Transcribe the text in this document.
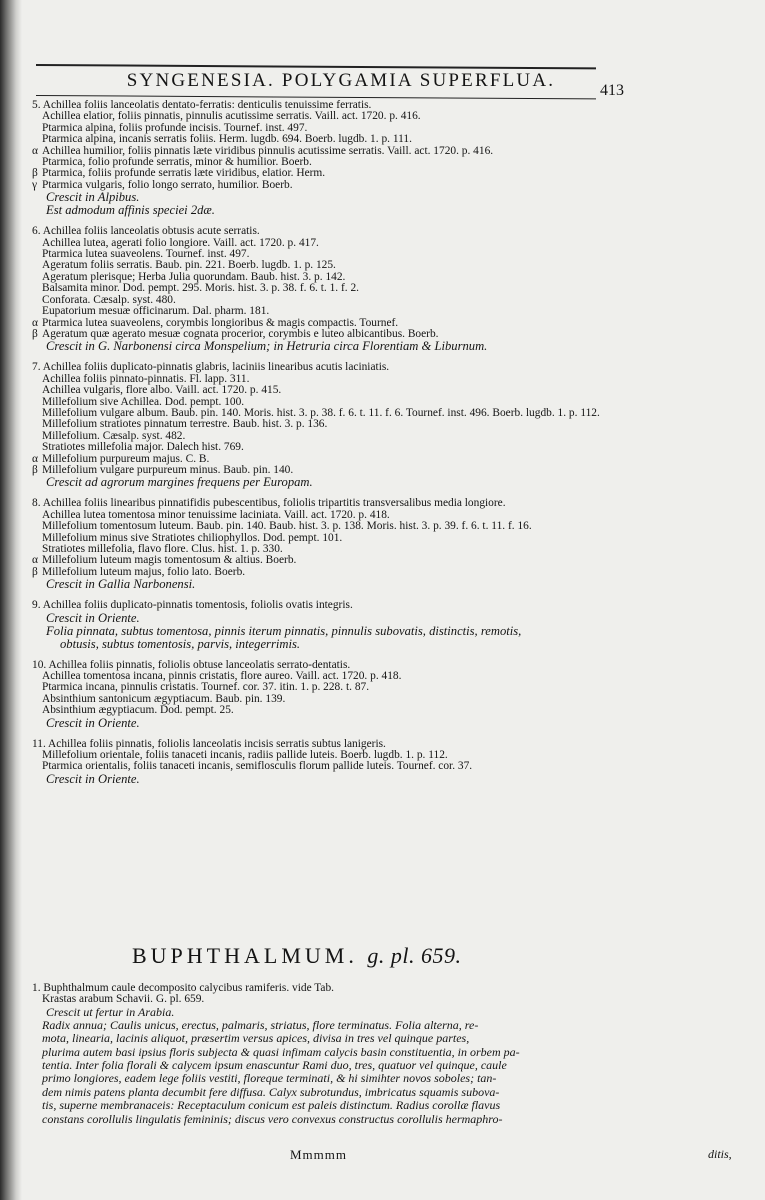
SYNGENESIA. POLYGAMIA SUPERFLUA.	413
5. Achillea foliis lanceolatis dentato-ferratis: denticulis tenuissime ferratis.
Achillea elatior, foliis pinnatis, pinnulis acutissime serratis. Vaill. act. 1720. p. 416.
Ptarmica alpina, foliis profunde incisis. Tournef. inst. 497.
Ptarmica alpina, incanis serratis foliis. Herm. lugdb. 694. Boerb. lugdb. 1. p. 111.
α Achillea humilior, foliis pinnatis læte viridibus pinnulis acutissime serratis. Vaill. act. 1720. p. 416.
Ptarmica, folio profunde serratis, minor & humilior. Boerb.
β Ptarmica, foliis profunde serratis læte viridibus, elatior. Herm.
γ Ptarmica vulgaris, folio longo serrato, humilior. Boerb.
Crescit in Alpibus.
Est admodum affinis speciei 2dæ.
6. Achillea foliis lanceolatis obtusis acute serratis.
Achillea lutea, agerati folio longiore. Vaill. act. 1720. p. 417.
Ptarmica lutea suaveolens. Tournef. inst. 497.
Ageratum foliis serratis. Baub. pin. 221. Boerb. lugdb. 1. p. 125.
Ageratum plerisque; Herba Julia quorundam. Baub. hist. 3. p. 142.
Balsamita minor. Dod. pempt. 295. Moris. hist. 3. p. 38. f. 6. t. 1. f. 2.
Conforata. Cæsalp. syst. 480.
Eupatorium mesuæ officinarum. Dal. pharm. 181.
α Ptarmica lutea suaveolens, corymbis longioribus & magis compactis. Tournef.
β Ageratum quæ agerato mesuæ cognata procerior, corymbis e luteo albicantibus. Boerb.
Crescit in G. Narbonensi circa Monspelium; in Hetruria circa Florentiam & Liburnum.
7. Achillea foliis duplicato-pinnatis glabris, laciniis linearibus acutis laciniatis.
Achillea foliis pinnato-pinnatis. Fl. lapp. 311.
Achillea vulgaris, flore albo. Vaill. act. 1720. p. 415.
Millefolium sive Achillea. Dod. pempt. 100.
Millefolium vulgare album. Baub. pin. 140. Moris. hist. 3. p. 38. f. 6. t. 11. f. 6. Tournef. inst. 496. Boerb. lugdb. 1. p. 112.
Millefolium stratiotes pinnatum terrestre. Baub. hist. 3. p. 136.
Millefolium. Cæsalp. syst. 482.
Stratiotes millefolia major. Dalech hist. 769.
α Millefolium purpureum majus. C. B.
β Millefolium vulgare purpureum minus. Baub. pin. 140.
Crescit ad agrorum margines frequens per Europam.
8. Achillea foliis linearibus pinnatifidis pubescentibus, foliolis tripartitis transversalibus media longiore.
Achillea lutea tomentosa minor tenuissime laciniata. Vaill. act. 1720. p. 418.
Millefolium tomentosum luteum. Baub. pin. 140. Baub. hist. 3. p. 138. Moris. hist. 3. p. 39. f. 6. t. 11. f. 16.
Millefolium minus sive Stratiotes chiliophyllos. Dod. pempt. 101.
Stratiotes millefolia, flavo flore. Clus. hist. 1. p. 330.
α Millefolium luteum magis tomentosum & altius. Boerb.
β Millefolium luteum majus, folio lato. Boerb.
Crescit in Gallia Narbonensi.
9. Achillea foliis duplicato-pinnatis tomentosis, foliolis ovatis integris.
Crescit in Oriente.
Folia pinnata, subtus tomentosa, pinnis iterum pinnatis, pinnulis subovatis, distinctis, remotis,
obtusis, subtus tomentosis, parvis, integerrimis.
10. Achillea foliis pinnatis, foliolis obtuse lanceolatis serrato-dentatis.
Achillea tomentosa incana, pinnis cristatis, flore aureo. Vaill. act. 1720. p. 418.
Ptarmica incana, pinnulis cristatis. Tournef. cor. 37. itin. 1. p. 228. t. 87.
Absinthium santonicum ægyptiacum. Baub. pin. 139.
Absinthium ægyptiacum. Dod. pempt. 25.
Crescit in Oriente.
11. Achillea foliis pinnatis, foliolis lanceolatis incisis serratis subtus lanigeris.
Millefolium orientale, foliis tanaceti incanis, radiis pallide luteis. Boerb. lugdb. 1. p. 112.
Ptarmica orientalis, foliis tanaceti incanis, semiflosculis florum pallide luteis. Tournef. cor. 37.
Crescit in Oriente.
BUPHTHALMUM. g. pl. 659.
1. Buphthalmum caule decomposito calycibus ramiferis. vide Tab.
Krastas arabum Schavii. G. pl. 659.
Crescit ut fertur in Arabia.
Radix annua; Caulis unicus, erectus, palmaris, striatus, flore terminatus. Folia alterna, re-
mota, linearia, lacinis aliquot, præsertim versus apices, divisa in tres vel quinque partes,
plurima autem basi ipsius floris subjecta & quasi infimam calycis basin constituentia, in orbem pa-
tentia. Inter folia florali & calycem ipsum enascuntur Rami duo, tres, quatuor vel quinque, caule
primo longiores, eadem lege foliis vestiti, floreque terminati, & hi simihter novos soboles; tan-
dem nimis patens planta decumbit fere diffusa. Calyx subrotundus, imbricatus squamis subova-
tis, superne membranaceis: Receptaculum conicum est paleis distinctum. Radius corollæ flavus
constans corollulis lingulatis femininis; discus vero convexus constructus corollulis hermaphro-
Mmmmm	ditis,
